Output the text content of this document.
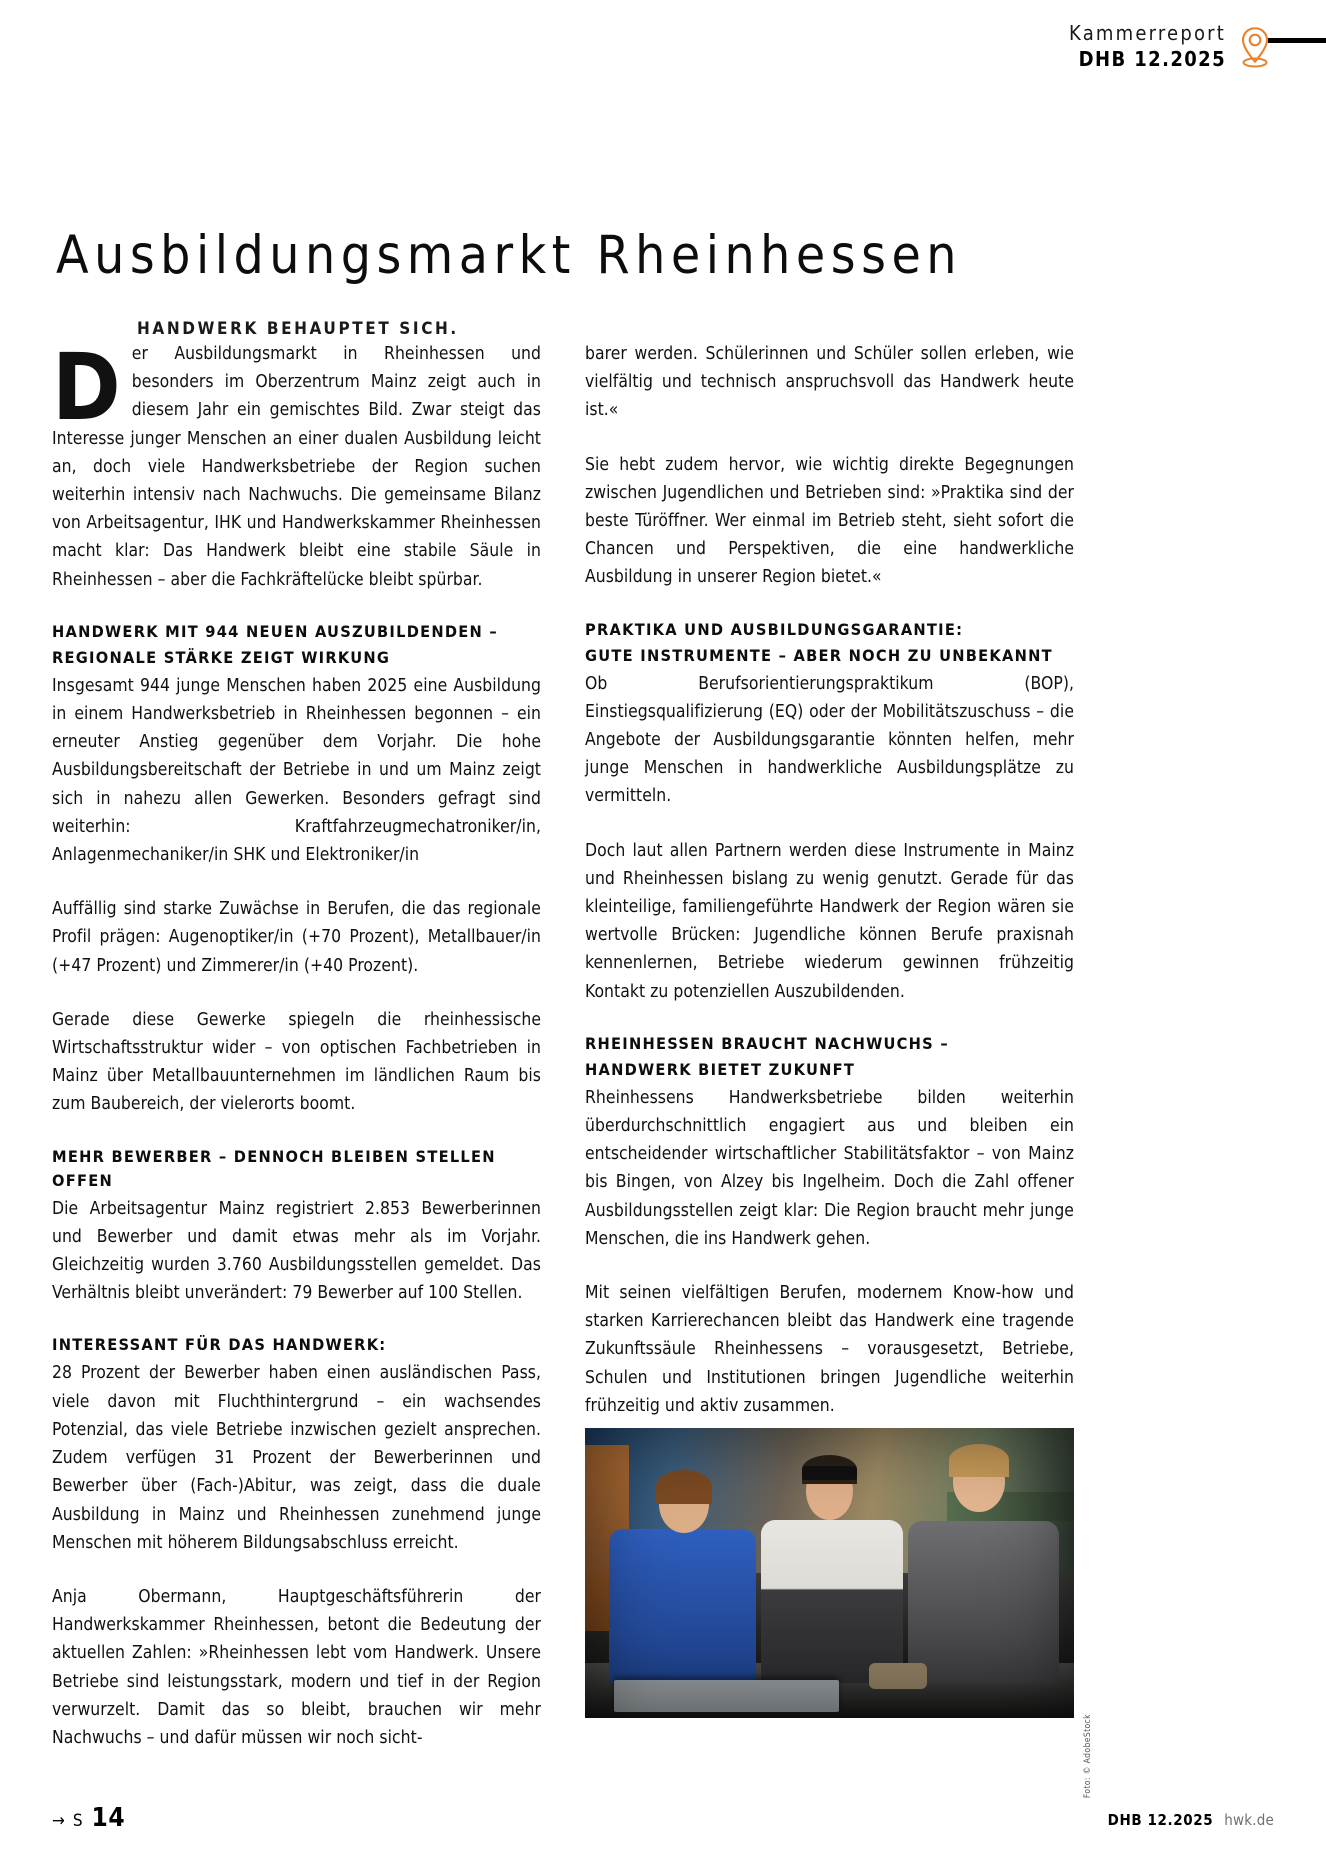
Kammerreport
DHB 12.2025
Ausbildungsmarkt Rheinhessen
HANDWERK BEHAUPTET SICH.

Der Ausbildungsmarkt in Rheinhessen und besonders im Oberzentrum Mainz zeigt auch in diesem Jahr ein gemischtes Bild. Zwar steigt das Interesse junger Menschen an einer dualen Ausbildung leicht an, doch viele Handwerksbetriebe der Region suchen weiterhin intensiv nach Nachwuchs. Die gemeinsame Bilanz von Arbeitsagentur, IHK und Handwerkskammer Rheinhessen macht klar: Das Handwerk bleibt eine stabile Säule in Rheinhessen – aber die Fachkräftelücke bleibt spürbar.

HANDWERK MIT 944 NEUEN AUSZUBILDENDEN –
REGIONALE STÄRKE ZEIGT WIRKUNG

Insgesamt 944 junge Menschen haben 2025 eine Ausbildung in einem Handwerksbetrieb in Rheinhessen begonnen – ein erneuter Anstieg gegenüber dem Vorjahr. Die hohe Ausbildungsbereitschaft der Betriebe in und um Mainz zeigt sich in nahezu allen Gewerken. Besonders gefragt sind weiterhin: Kraftfahrzeugmechatroniker/in, Anlagenmechaniker/in SHK und Elektroniker/in

Auffällig sind starke Zuwächse in Berufen, die das regionale Profil prägen: Augenoptiker/in (+70 Prozent), Metallbauer/in (+47 Prozent) und Zimmerer/in (+40 Prozent).

Gerade diese Gewerke spiegeln die rheinhessische Wirtschaftsstruktur wider – von optischen Fachbetrieben in Mainz über Metallbauunternehmen im ländlichen Raum bis zum Baubereich, der vielerorts boomt.

MEHR BEWERBER – DENNOCH BLEIBEN STELLEN OFFEN

Die Arbeitsagentur Mainz registriert 2.853 Bewerberinnen und Bewerber und damit etwas mehr als im Vorjahr. Gleichzeitig wurden 3.760 Ausbildungsstellen gemeldet. Das Verhältnis bleibt unverändert: 79 Bewerber auf 100 Stellen.

INTERESSANT FÜR DAS HANDWERK:

28 Prozent der Bewerber haben einen ausländischen Pass, viele davon mit Fluchthintergrund – ein wachsendes Potenzial, das viele Betriebe inzwischen gezielt ansprechen. Zudem verfügen 31 Prozent der Bewerberinnen und Bewerber über (Fach-)Abitur, was zeigt, dass die duale Ausbildung in Mainz und Rheinhessen zunehmend junge Menschen mit höherem Bildungsabschluss erreicht.

Anja Obermann, Hauptgeschäftsführerin der Handwerkskammer Rheinhessen, betont die Bedeutung der aktuellen Zahlen: »Rheinhessen lebt vom Handwerk. Unsere Betriebe sind leistungsstark, modern und tief in der Region verwurzelt. Damit das so bleibt, brauchen wir mehr Nachwuchs – und dafür müssen wir noch sicht-

barer werden. Schülerinnen und Schüler sollen erleben, wie vielfältig und technisch anspruchsvoll das Handwerk heute ist.«

Sie hebt zudem hervor, wie wichtig direkte Begegnungen zwischen Jugendlichen und Betrieben sind: »Praktika sind der beste Türöffner. Wer einmal im Betrieb steht, sieht sofort die Chancen und Perspektiven, die eine handwerkliche Ausbildung in unserer Region bietet.«

PRAKTIKA UND AUSBILDUNGSGARANTIE:
GUTE INSTRUMENTE – ABER NOCH ZU UNBEKANNT

Ob Berufsorientierungspraktikum (BOP), Einstiegsqualifizierung (EQ) oder der Mobilitätszuschuss – die Angebote der Ausbildungsgarantie könnten helfen, mehr junge Menschen in handwerkliche Ausbildungsplätze zu vermitteln.

Doch laut allen Partnern werden diese Instrumente in Mainz und Rheinhessen bislang zu wenig genutzt. Gerade für das kleinteilige, familiengeführte Handwerk der Region wären sie wertvolle Brücken: Jugendliche können Berufe praxisnah kennenlernen, Betriebe wiederum gewinnen frühzeitig Kontakt zu potenziellen Auszubildenden.

RHEINHESSEN BRAUCHT NACHWUCHS –
HANDWERK BIETET ZUKUNFT

Rheinhessens Handwerksbetriebe bilden weiterhin überdurchschnittlich engagiert aus und bleiben ein entscheidender wirtschaftlicher Stabilitätsfaktor – von Mainz bis Bingen, von Alzey bis Ingelheim. Doch die Zahl offener Ausbildungsstellen zeigt klar: Die Region braucht mehr junge Menschen, die ins Handwerk gehen.

Mit seinen vielfältigen Berufen, modernem Know-how und starken Karrierechancen bleibt das Handwerk eine tragende Zukunftssäule Rheinhessens – vorausgesetzt, Betriebe, Schulen und Institutionen bringen Jugendliche weiterhin frühzeitig und aktiv zusammen.

Foto: © AdobeStock
→ S 14	DHB 12.2025 hwk.de
